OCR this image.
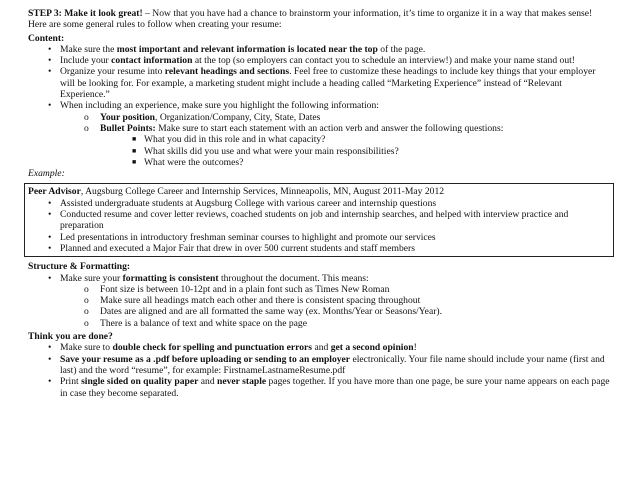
STEP 3: Make it look great! – Now that you have had a chance to brainstorm your information, it’s time to organize it in a way that makes sense! Here are some general rules to follow when creating your resume:

Content:

• Make sure the most important and relevant information is located near the top of the page.
• Include your contact information at the top (so employers can contact you to schedule an interview!) and make your name stand out!
• Organize your resume into relevant headings and sections. Feel free to customize these headings to include key things that your employer will be looking for. For example, a marketing student might include a heading called “Marketing Experience” instead of “Relevant Experience.”
• When including an experience, make sure you highlight the following information:
o Your position, Organization/Company, City, State, Dates
o Bullet Points: Make sure to start each statement with an action verb and answer the following questions:
■ What you did in this role and in what capacity?
■ What skills did you use and what were your main responsibilities?
■ What were the outcomes?

Example:

Peer Advisor, Augsburg College Career and Internship Services, Minneapolis, MN, August 2011-May 2012

• Assisted undergraduate students at Augsburg College with various career and internship questions
• Conducted resume and cover letter reviews, coached students on job and internship searches, and helped with interview practice and preparation
• Led presentations in introductory freshman seminar courses to highlight and promote our services
• Planned and executed a Major Fair that drew in over 500 current students and staff members

Structure & Formatting:

• Make sure your formatting is consistent throughout the document. This means:
o Font size is between 10-12pt and in a plain font such as Times New Roman
o Make sure all headings match each other and there is consistent spacing throughout
o Dates are aligned and are all formatted the same way (ex. Months/Year or Seasons/Year).
o There is a balance of text and white space on the page

Think you are done?

• Make sure to double check for spelling and punctuation errors and get a second opinion!
• Save your resume as a .pdf before uploading or sending to an employer electronically. Your file name should include your name (first and last) and the word “resume”, for example: FirstnameLastnameResume.pdf
• Print single sided on quality paper and never staple pages together. If you have more than one page, be sure your name appears on each page in case they become separated.
